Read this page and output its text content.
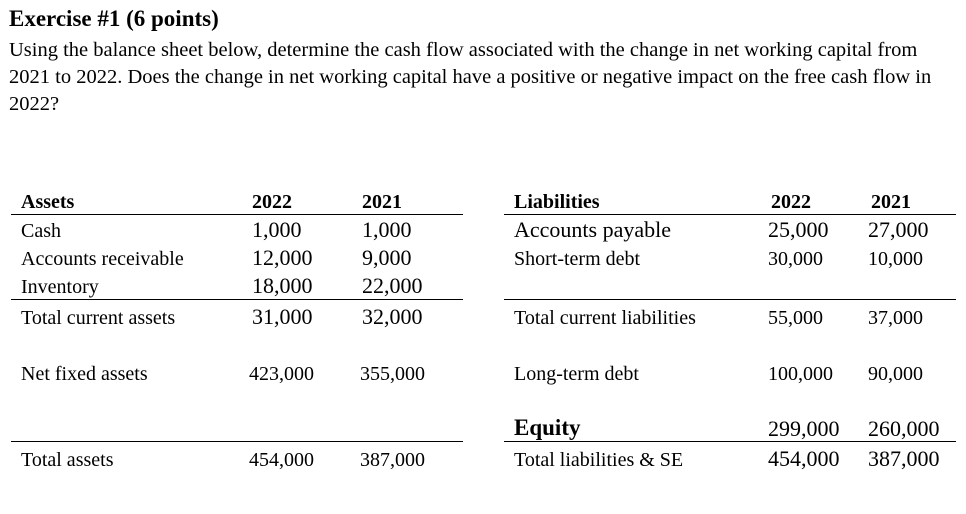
Exercise #1 (6 points)
Using the balance sheet below, determine the cash flow associated with the change in net working capital from 2021 to 2022. Does the change in net working capital have a positive or negative impact on the free cash flow in 2022?
Assets	2022	2021
Cash	1,000	1,000
Accounts receivable	12,000 9,000
Inventory	18,000 22,000
Total current assets	31,000 32,000
Net fixed assets	423,000 355,000
Total assets	454,000 387,000
Liabilities	2022	2021
Accounts payable	25,000 27,000
Short-term debt	30,000 10,000
Total current liabilities	55,000 37,000
Long-term debt	100,000 90,000
Equity	299,000 260,000
Total liabilities & SE	454,000 387,000
